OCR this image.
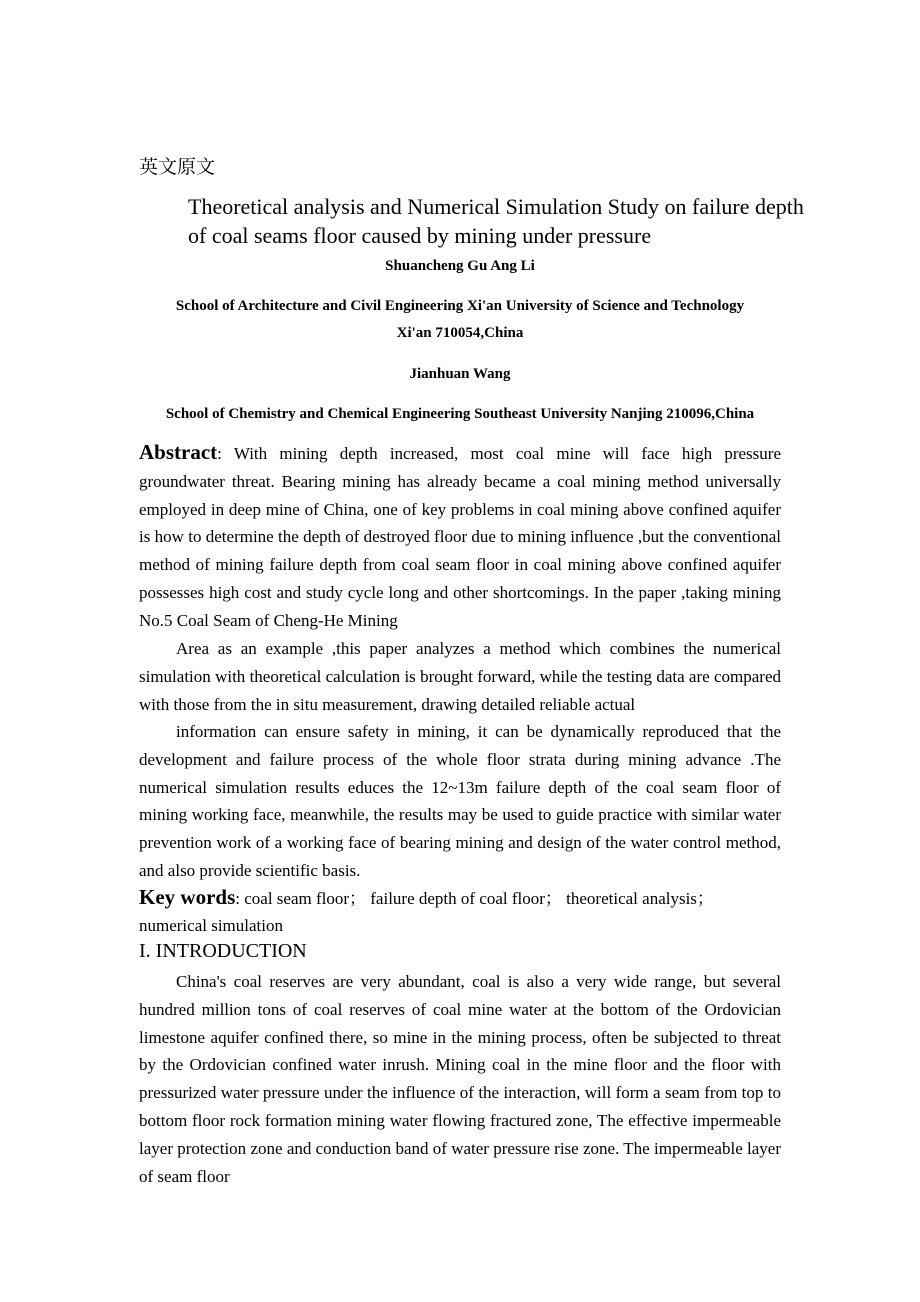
英文原文
Theoretical analysis and Numerical Simulation Study on failure depth of coal seams floor caused by mining under pressure
Shuancheng Gu Ang Li
School of Architecture and Civil Engineering Xi'an University of Science and Technology
Xi'an 710054,China
Jianhuan Wang
School of Chemistry and Chemical Engineering Southeast University Nanjing 210096,China
Abstract: With mining depth increased, most coal mine will face high pressure groundwater threat. Bearing mining has already became a coal mining method universally employed in deep mine of China, one of key problems in coal mining above confined aquifer is how to determine the depth of destroyed floor due to mining influence ,but the conventional method of mining failure depth from coal seam floor in coal mining above confined aquifer possesses high cost and study cycle long and other shortcomings. In the paper ,taking mining No.5 Coal Seam of Cheng-He Mining
Area as an example ,this paper analyzes a method which combines the numerical simulation with theoretical calculation is brought forward, while the testing data are compared with those from the in situ measurement, drawing detailed reliable actual
information can ensure safety in mining, it can be dynamically reproduced that the development and failure process of the whole floor strata during mining advance .The numerical simulation results educes the 12~13m failure depth of the coal seam floor of mining working face, meanwhile, the results may be used to guide practice with similar water prevention work of a working face of bearing mining and design of the water control method, and also provide scientific basis.
Key words: coal seam floor； failure depth of coal floor； theoretical analysis；
numerical simulation
I. INTRODUCTION
China's coal reserves are very abundant, coal is also a very wide range, but several hundred million tons of coal reserves of coal mine water at the bottom of the Ordovician limestone aquifer confined there, so mine in the mining process, often be subjected to threat by the Ordovician confined water inrush. Mining coal in the mine floor and the floor with pressurized water pressure under the influence of the interaction, will form a seam from top to bottom floor rock formation mining water flowing fractured zone, The effective impermeable layer protection zone and conduction band of water pressure rise zone. The impermeable layer of seam floor
